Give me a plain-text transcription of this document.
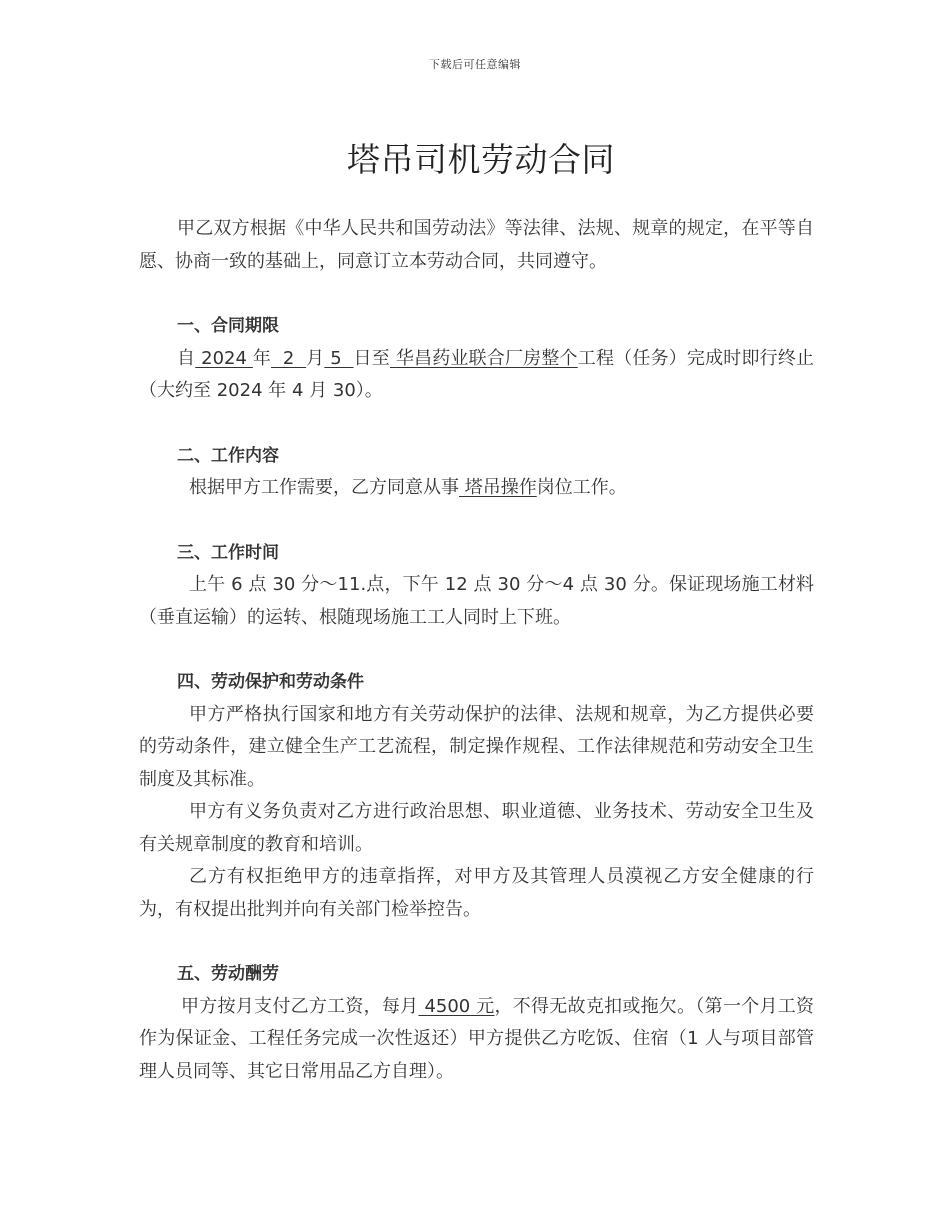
下载后可任意编辑
塔吊司机劳动合同

甲乙双方根据《中华人民共和国劳动法》等法律、法规、规章的规定，在平等自愿、协商一致的基础上，同意订立本劳动合同，共同遵守。

一、合同期限

自 2024 年  2  月 5  日至 华昌药业联合厂房整个工程（任务）完成时即行终止（大约至 2024 年 4 月 30）。

二、工作内容

根据甲方工作需要，乙方同意从事 塔吊操作岗位工作。

三、工作时间

上午 6 点 30 分～11.点，下午 12 点 30 分～4 点 30 分。保证现场施工材料（垂直运输）的运转、根随现场施工工人同时上下班。

四、劳动保护和劳动条件

甲方严格执行国家和地方有关劳动保护的法律、法规和规章，为乙方提供必要的劳动条件，建立健全生产工艺流程，制定操作规程、工作法律规范和劳动安全卫生制度及其标准。

甲方有义务负责对乙方进行政治思想、职业道德、业务技术、劳动安全卫生及有关规章制度的教育和培训。

乙方有权拒绝甲方的违章指挥，对甲方及其管理人员漠视乙方安全健康的行为，有权提出批判并向有关部门检举控告。

五、劳动酬劳

甲方按月支付乙方工资，每月 4500 元，不得无故克扣或拖欠。（第一个月工资作为保证金、工程任务完成一次性返还）甲方提供乙方吃饭、住宿（1 人与项目部管理人员同等、其它日常用品乙方自理）。
